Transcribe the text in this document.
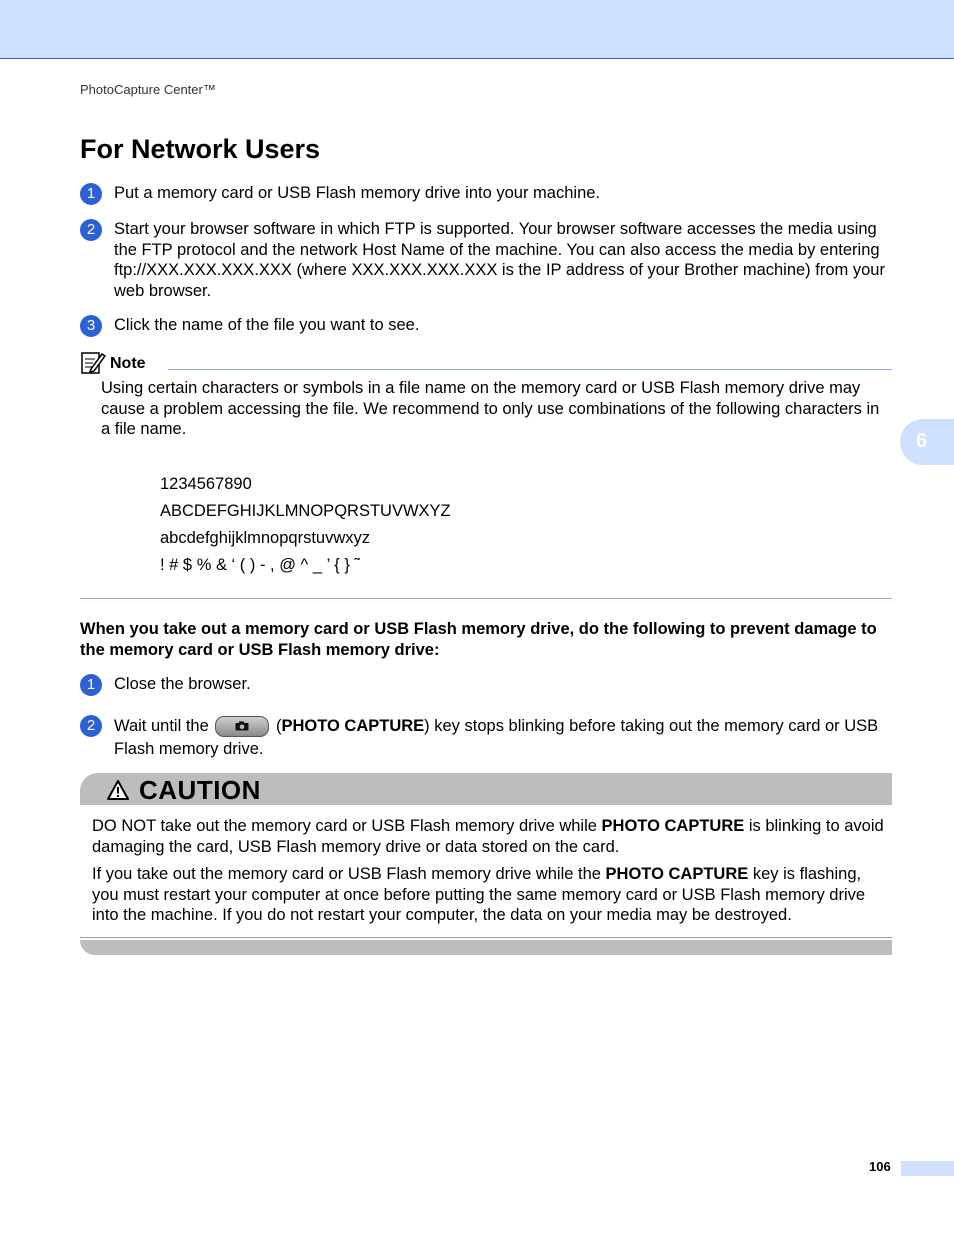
PhotoCapture Center™
For Network Users
1	Put a memory card or USB Flash memory drive into your machine.
2	Start your browser software in which FTP is supported. Your browser software accesses the media using the FTP protocol and the network Host Name of the machine. You can also access the media by entering ftp://XXX.XXX.XXX.XXX (where XXX.XXX.XXX.XXX is the IP address of your Brother machine) from your web browser.
3	Click the name of the file you want to see.
Note
Using certain characters or symbols in a file name on the memory card or USB Flash memory drive may cause a problem accessing the file. We recommend to only use combinations of the following characters in a file name.
1234567890
ABCDEFGHIJKLMNOPQRSTUVWXYZ
abcdefghijklmnopqrstuvwxyz
! # $ % & ‘ ( ) - , @ ^ _ ’ { } ˜
When you take out a memory card or USB Flash memory drive, do the following to prevent damage to the memory card or USB Flash memory drive:
1	Close the browser.
2	Wait until the	(PHOTO CAPTURE) key stops blinking before taking out the memory card or USB Flash memory drive.
CAUTION
DO NOT take out the memory card or USB Flash memory drive while PHOTO CAPTURE is blinking to avoid damaging the card, USB Flash memory drive or data stored on the card.
If you take out the memory card or USB Flash memory drive while the PHOTO CAPTURE key is flashing, you must restart your computer at once before putting the same memory card or USB Flash memory drive into the machine. If you do not restart your computer, the data on your media may be destroyed.
6
106
